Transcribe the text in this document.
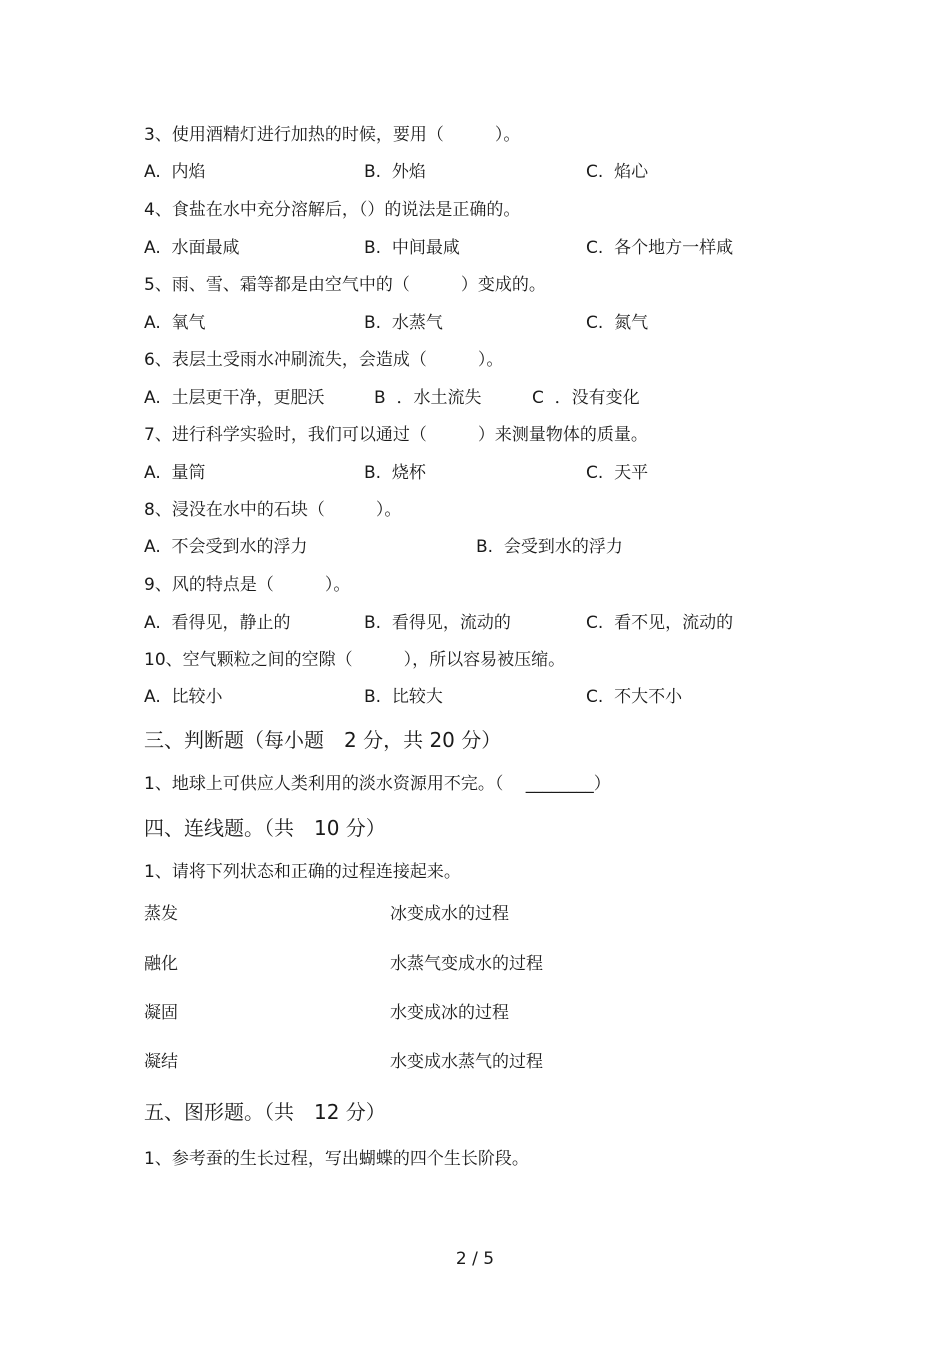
3、使用酒精灯进行加热的时候，要用（　　　）。
A.  内焰	B.  外焰	C.  焰心
4、食盐在水中充分溶解后，（）的说法是正确的。
A.  水面最咸	B.  中间最咸	C.  各个地方一样咸
5、雨、雪、霜等都是由空气中的（　　　）变成的。
A.  氧气	B.  水蒸气	C.  氮气
6、表层土受雨水冲刷流失，会造成（　　　）。
A.  土层更干净，更肥沃	B  ．水土流失	C  ．没有变化
7、进行科学实验时，我们可以通过（　　　）来测量物体的质量。
A.  量筒	B.  烧杯	C.  天平
8、浸没在水中的石块（　　　）。
A.  不会受到水的浮力	B.  会受到水的浮力
9、风的特点是（　　　）。
A.  看得见，静止的	B.  看得见，流动的	C.  看不见，流动的
10、空气颗粒之间的空隙（　　　），所以容易被压缩。
A.  比较小	B.  比较大	C.  不大不小
三、判断题（每小题　2 分，共 20 分）
1、地球上可供应人类利用的淡水资源用不完。（　 ________）
四、连线题。（共　10 分）
1、请将下列状态和正确的过程连接起来。
蒸发	冰变成水的过程
融化	水蒸气变成水的过程
凝固	水变成冰的过程
凝结	水变成水蒸气的过程
五、图形题。（共　12 分）
1、参考蚕的生长过程，写出蝴蝶的四个生长阶段。
2 / 5
